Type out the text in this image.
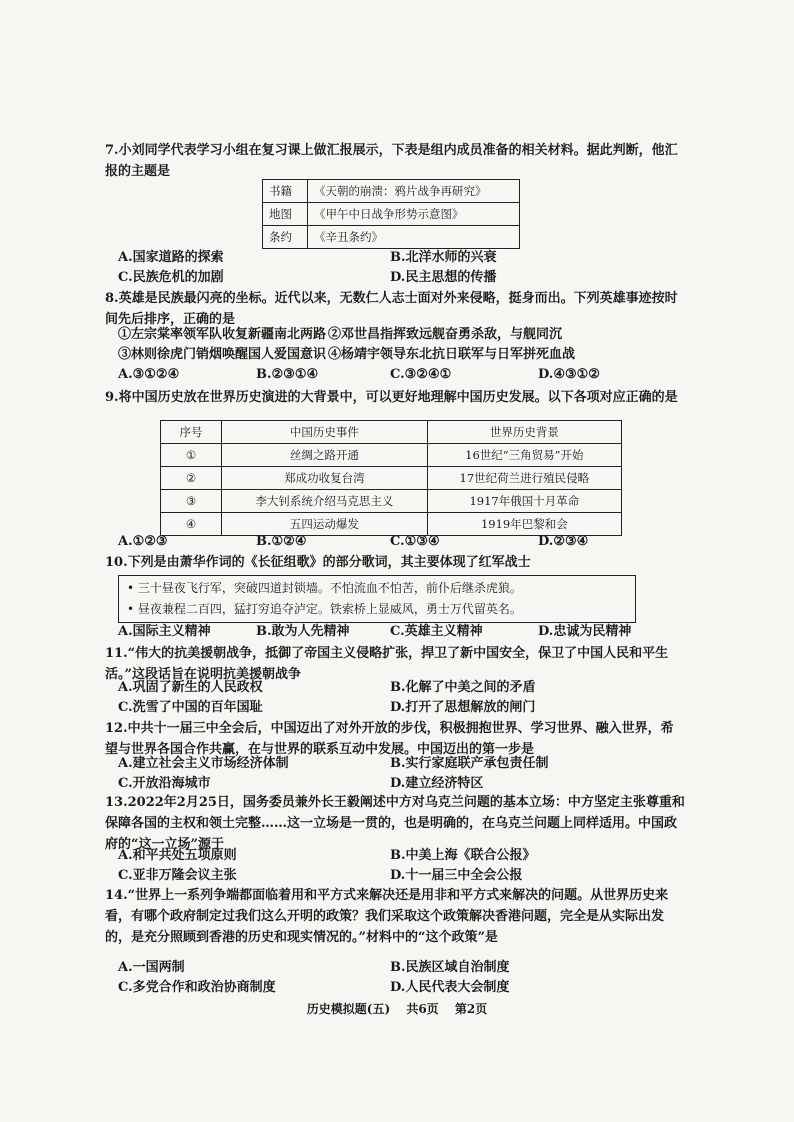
7.小刘同学代表学习小组在复习课上做汇报展示，下表是组内成员准备的相关材料。据此判断，他汇报的主题是
书籍	《天朝的崩溃：鸦片战争再研究》
地图	《甲午中日战争形势示意图》
条约	《辛丑条约》
A.国家道路的探索	B.北洋水师的兴衰
C.民族危机的加剧	D.民主思想的传播
8.英雄是民族最闪亮的坐标。近代以来，无数仁人志士面对外来侵略，挺身而出。下列英雄事迹按时间先后排序，正确的是
①左宗棠率领军队收复新疆南北两路 ②邓世昌指挥致远舰奋勇杀敌，与舰同沉
③林则徐虎门销烟唤醒国人爱国意识 ④杨靖宇领导东北抗日联军与日军拼死血战
A.③①②④	B.②③①④	C.③②④①	D.④③①②
9.将中国历史放在世界历史演进的大背景中，可以更好地理解中国历史发展。以下各项对应正确的是
序号	中国历史事件	世界历史背景
①	丝绸之路开通	16世纪“三角贸易”开始
②	郑成功收复台湾	17世纪荷兰进行殖民侵略
③	李大钊系统介绍马克思主义	1917年俄国十月革命
④	五四运动爆发	1919年巴黎和会
A.①②③	B.①②④	C.①③④	D.②③④
10.下列是由萧华作词的《长征组歌》的部分歌词，其主要体现了红军战士
• 三十昼夜飞行军，突破四道封锁墙。不怕流血不怕苦，前仆后继杀虎狼。
• 昼夜兼程二百四，猛打穷追夺泸定。铁索桥上显威风，勇士万代留英名。
A.国际主义精神	B.敢为人先精神	C.英雄主义精神	D.忠诚为民精神
11.“伟大的抗美援朝战争，抵御了帝国主义侵略扩张，捍卫了新中国安全，保卫了中国人民和平生活。”这段话旨在说明抗美援朝战争
A.巩固了新生的人民政权	B.化解了中美之间的矛盾
C.洗雪了中国的百年国耻	D.打开了思想解放的闸门
12.中共十一届三中全会后，中国迈出了对外开放的步伐，积极拥抱世界、学习世界、融入世界，希望与世界各国合作共赢，在与世界的联系互动中发展。中国迈出的第一步是
A.建立社会主义市场经济体制	B.实行家庭联产承包责任制
C.开放沿海城市	D.建立经济特区
13.2022年2月25日，国务委员兼外长王毅阐述中方对乌克兰问题的基本立场：中方坚定主张尊重和保障各国的主权和领土完整……这一立场是一贯的，也是明确的，在乌克兰问题上同样适用。中国政府的“这一立场”源于
A.和平共处五项原则	B.中美上海《联合公报》
C.亚非万隆会议主张	D.十一届三中全会公报
14.“世界上一系列争端都面临着用和平方式来解决还是用非和平方式来解决的问题。从世界历史来看，有哪个政府制定过我们这么开明的政策？我们采取这个政策解决香港问题，完全是从实际出发的，是充分照顾到香港的历史和现实情况的。”材料中的“这个政策”是
A.一国两制	B.民族区域自治制度
C.多党合作和政治协商制度	D.人民代表大会制度
历史模拟题(五) 共6页 第2页
